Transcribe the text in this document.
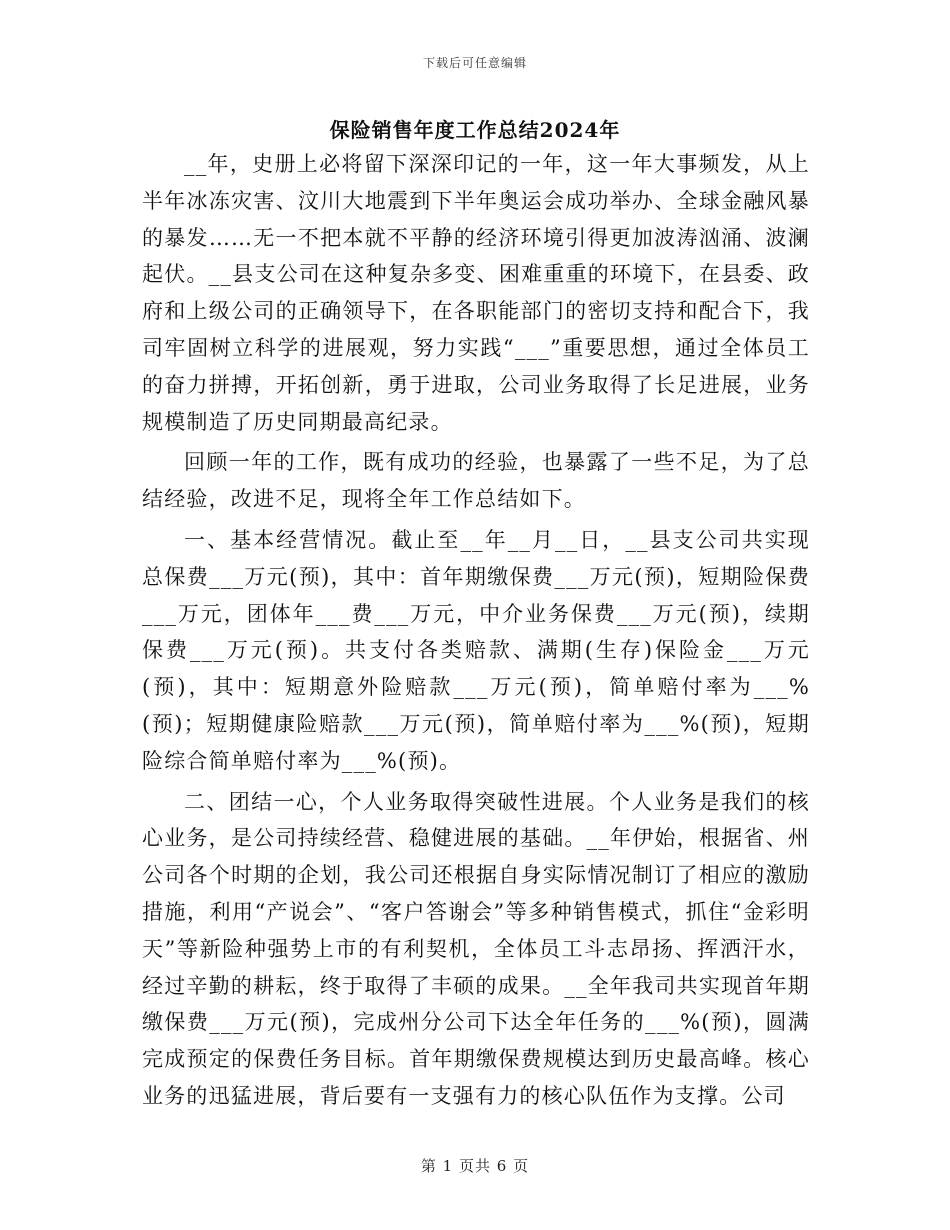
下载后可任意编辑
保险销售年度工作总结2024年

__年，史册上必将留下深深印记的一年，这一年大事频发，从上半年冰冻灾害、汶川大地震到下半年奥运会成功举办、全球金融风暴的暴发……无一不把本就不平静的经济环境引得更加波涛汹涌、波澜起伏。__县支公司在这种复杂多变、困难重重的环境下，在县委、政府和上级公司的正确领导下，在各职能部门的密切支持和配合下，我司牢固树立科学的进展观，努力实践“___”重要思想，通过全体员工的奋力拼搏，开拓创新，勇于进取，公司业务取得了长足进展，业务规模制造了历史同期最高纪录。

回顾一年的工作，既有成功的经验，也暴露了一些不足，为了总结经验，改进不足，现将全年工作总结如下。

一、基本经营情况。截止至__年__月__日，__县支公司共实现总保费___万元(预)，其中：首年期缴保费___万元(预)，短期险保费___万元，团体年___费___万元，中介业务保费___万元(预)，续期保费___万元(预)。共支付各类赔款、满期(生存)保险金___万元(预)，其中：短期意外险赔款___万元(预)，简单赔付率为___%(预)；短期健康险赔款___万元(预)，简单赔付率为___%(预)，短期险综合简单赔付率为___%(预)。

二、团结一心，个人业务取得突破性进展。个人业务是我们的核心业务，是公司持续经营、稳健进展的基础。__年伊始，根据省、州公司各个时期的企划，我公司还根据自身实际情况制订了相应的激励措施，利用“产说会”、“客户答谢会”等多种销售模式，抓住“金彩明天”等新险种强势上市的有利契机，全体员工斗志昂扬、挥洒汗水，经过辛勤的耕耘，终于取得了丰硕的成果。__全年我司共实现首年期缴保费___万元(预)，完成州分公司下达全年任务的___%(预)，圆满完成预定的保费任务目标。首年期缴保费规模达到历史最高峰。核心业务的迅猛进展，背后要有一支强有力的核心队伍作为支撑。公司

第 1 页共 6 页
